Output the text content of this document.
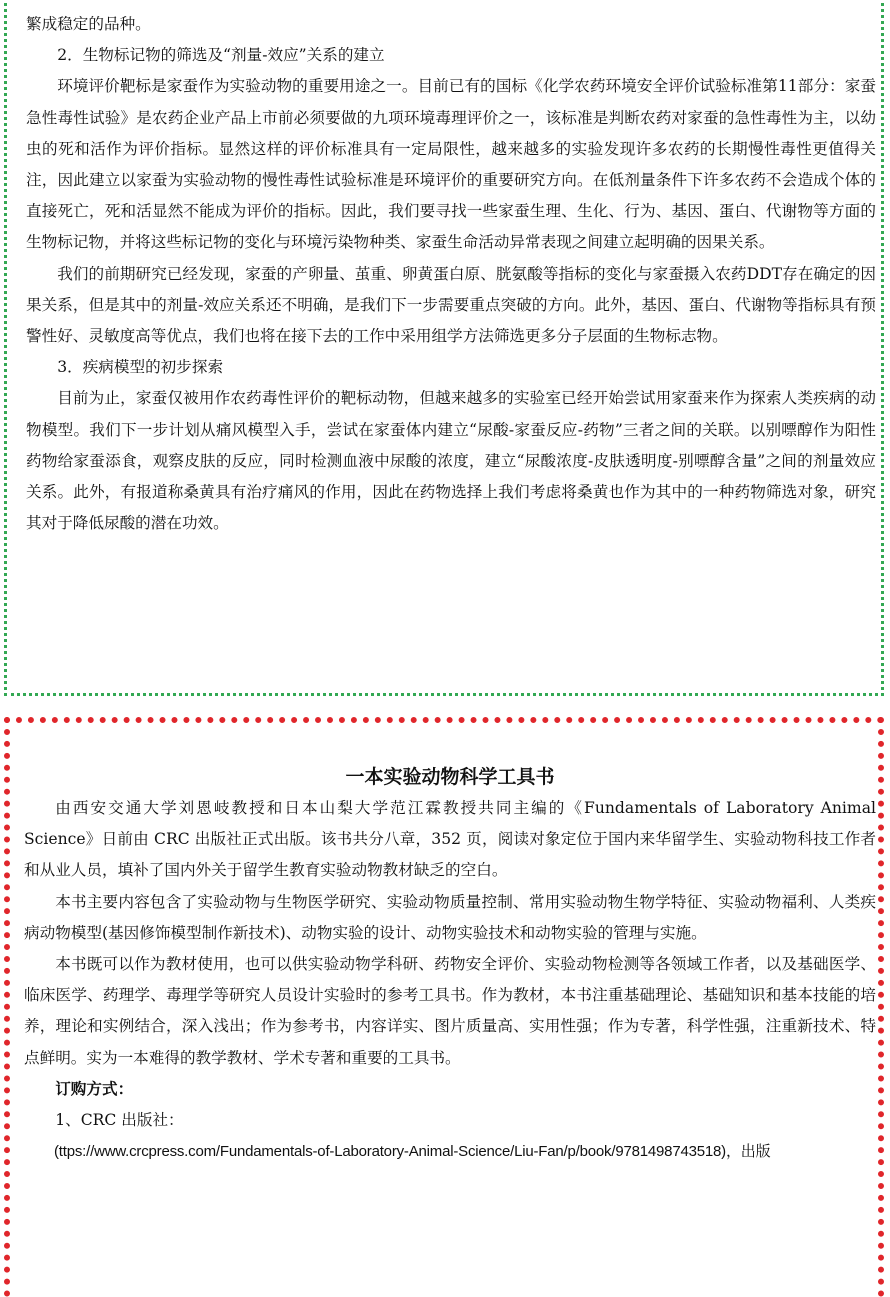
繁成稳定的品种。

2．生物标记物的筛选及“剂量-效应”关系的建立

环境评价靶标是家蚕作为实验动物的重要用途之一。目前已有的国标《化学农药环境安全评价试验标准第11部分：家蚕急性毒性试验》是农药企业产品上市前必须要做的九项环境毒理评价之一，该标准是判断农药对家蚕的急性毒性为主，以幼虫的死和活作为评价指标。显然这样的评价标准具有一定局限性，越来越多的实验发现许多农药的长期慢性毒性更值得关注，因此建立以家蚕为实验动物的慢性毒性试验标准是环境评价的重要研究方向。在低剂量条件下许多农药不会造成个体的直接死亡，死和活显然不能成为评价的指标。因此，我们要寻找一些家蚕生理、生化、行为、基因、蛋白、代谢物等方面的生物标记物，并将这些标记物的变化与环境污染物种类、家蚕生命活动异常表现之间建立起明确的因果关系。

我们的前期研究已经发现，家蚕的产卵量、茧重、卵黄蛋白原、胱氨酸等指标的变化与家蚕摄入农药DDT存在确定的因果关系，但是其中的剂量-效应关系还不明确，是我们下一步需要重点突破的方向。此外，基因、蛋白、代谢物等指标具有预警性好、灵敏度高等优点，我们也将在接下去的工作中采用组学方法筛选更多分子层面的生物标志物。

3．疾病模型的初步探索

目前为止，家蚕仅被用作农药毒性评价的靶标动物，但越来越多的实验室已经开始尝试用家蚕来作为探索人类疾病的动物模型。我们下一步计划从痛风模型入手，尝试在家蚕体内建立“尿酸-家蚕反应-药物”三者之间的关联。以别嘌醇作为阳性药物给家蚕添食，观察皮肤的反应，同时检测血液中尿酸的浓度，建立“尿酸浓度-皮肤透明度-别嘌醇含量”之间的剂量效应关系。此外，有报道称桑黄具有治疗痛风的作用，因此在药物选择上我们考虑将桑黄也作为其中的一种药物筛选对象，研究其对于降低尿酸的潜在功效。

一本实验动物科学工具书

由西安交通大学刘恩岐教授和日本山梨大学范江霖教授共同主编的《Fundamentals of Laboratory Animal Science》日前由 CRC 出版社正式出版。该书共分八章，352 页，阅读对象定位于国内来华留学生、实验动物科技工作者和从业人员，填补了国内外关于留学生教育实验动物教材缺乏的空白。

本书主要内容包含了实验动物与生物医学研究、实验动物质量控制、常用实验动物生物学特征、实验动物福利、人类疾病动物模型(基因修饰模型制作新技术)、动物实验的设计、动物实验技术和动物实验的管理与实施。

本书既可以作为教材使用，也可以供实验动物学科研、药物安全评价、实验动物检测等各领域工作者，以及基础医学、临床医学、药理学、毒理学等研究人员设计实验时的参考工具书。作为教材，本书注重基础理论、基础知识和基本技能的培养，理论和实例结合，深入浅出；作为参考书，内容详实、图片质量高、实用性强；作为专著，科学性强，注重新技术、特点鲜明。实为一本难得的教学教材、学术专著和重要的工具书。

订购方式：

1、CRC 出版社：

(ttps://www.crcpress.com/Fundamentals-of-Laboratory-Animal-Science/Liu-Fan/p/book/9781498743518)，出版
